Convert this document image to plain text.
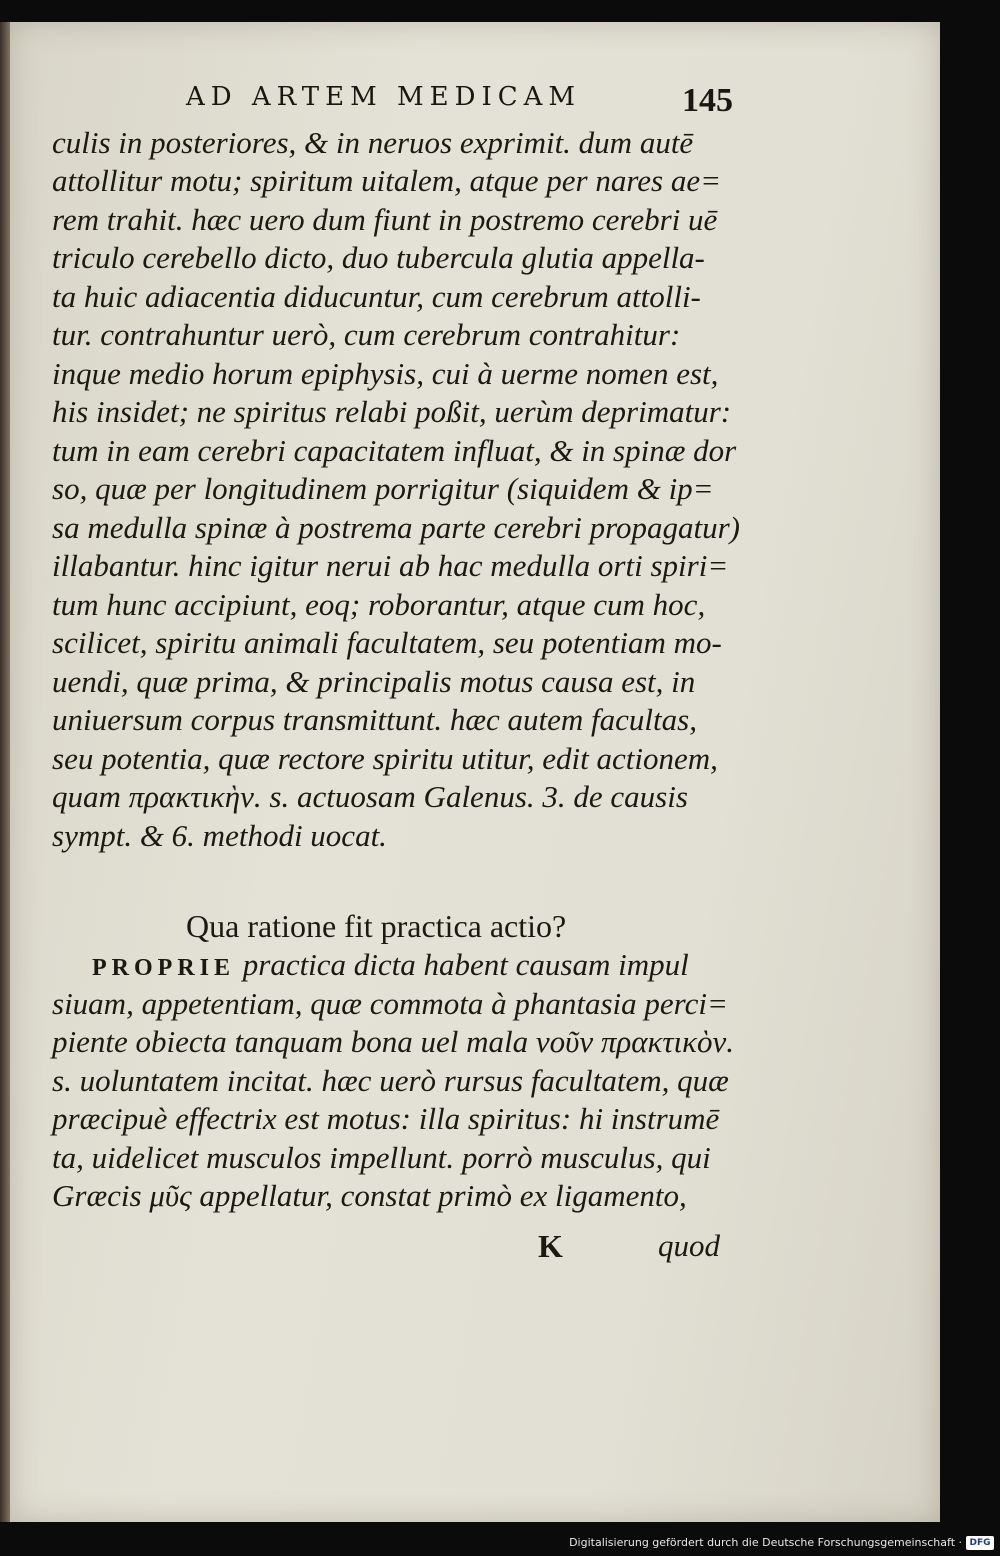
AD ARTEM MEDICAM	145
culis in posteriores, & in neruos exprimit. dum autē
attollitur motu; spiritum uitalem, atque per nares ae=
rem trahit. hæc uero dum fiunt in postremo cerebri uē
triculo cerebello dicto, duo tubercula glutia appella-
ta huic adiacentia diducuntur, cum cerebrum attolli-
tur. contrahuntur uerò, cum cerebrum contrahitur:
inque medio horum epiphysis, cui à uerme nomen est,
his insidet; ne spiritus relabi poßit, uerùm deprimatur:
tum in eam cerebri capacitatem influat, & in spinæ dor
so, quæ per longitudinem porrigitur (siquidem & ip=
sa medulla spinæ à postrema parte cerebri propagatur)
illabantur. hinc igitur nerui ab hac medulla orti spiri=
tum hunc accipiunt, eoq; roborantur, atque cum hoc,
scilicet, spiritu animali facultatem, seu potentiam mo-
uendi, quæ prima, & principalis motus causa est, in
uniuersum corpus transmittunt. hæc autem facultas,
seu potentia, quæ rectore spiritu utitur, edit actionem,
quam πρακτικὴν. s. actuosam Galenus. 3. de causis
sympt. & 6. methodi uocat.
Qua ratione fit practica actio?
PROPRIE practica dicta habent causam impul
siuam, appetentiam, quæ commota à phantasia perci=
piente obiecta tanquam bona uel mala νοῦν πρακτικὸν.
s. uoluntatem incitat. hæc uerò rursus facultatem, quæ
præcipuè effectrix est motus: illa spiritus: hi instrumē
ta, uidelicet musculos impellunt. porrò musculus, qui
Græcis μῦς appellatur, constat primò ex ligamento,
K	quod
Digitalisierung gefördert durch die Deutsche Forschungsgemeinschaft · DFG
